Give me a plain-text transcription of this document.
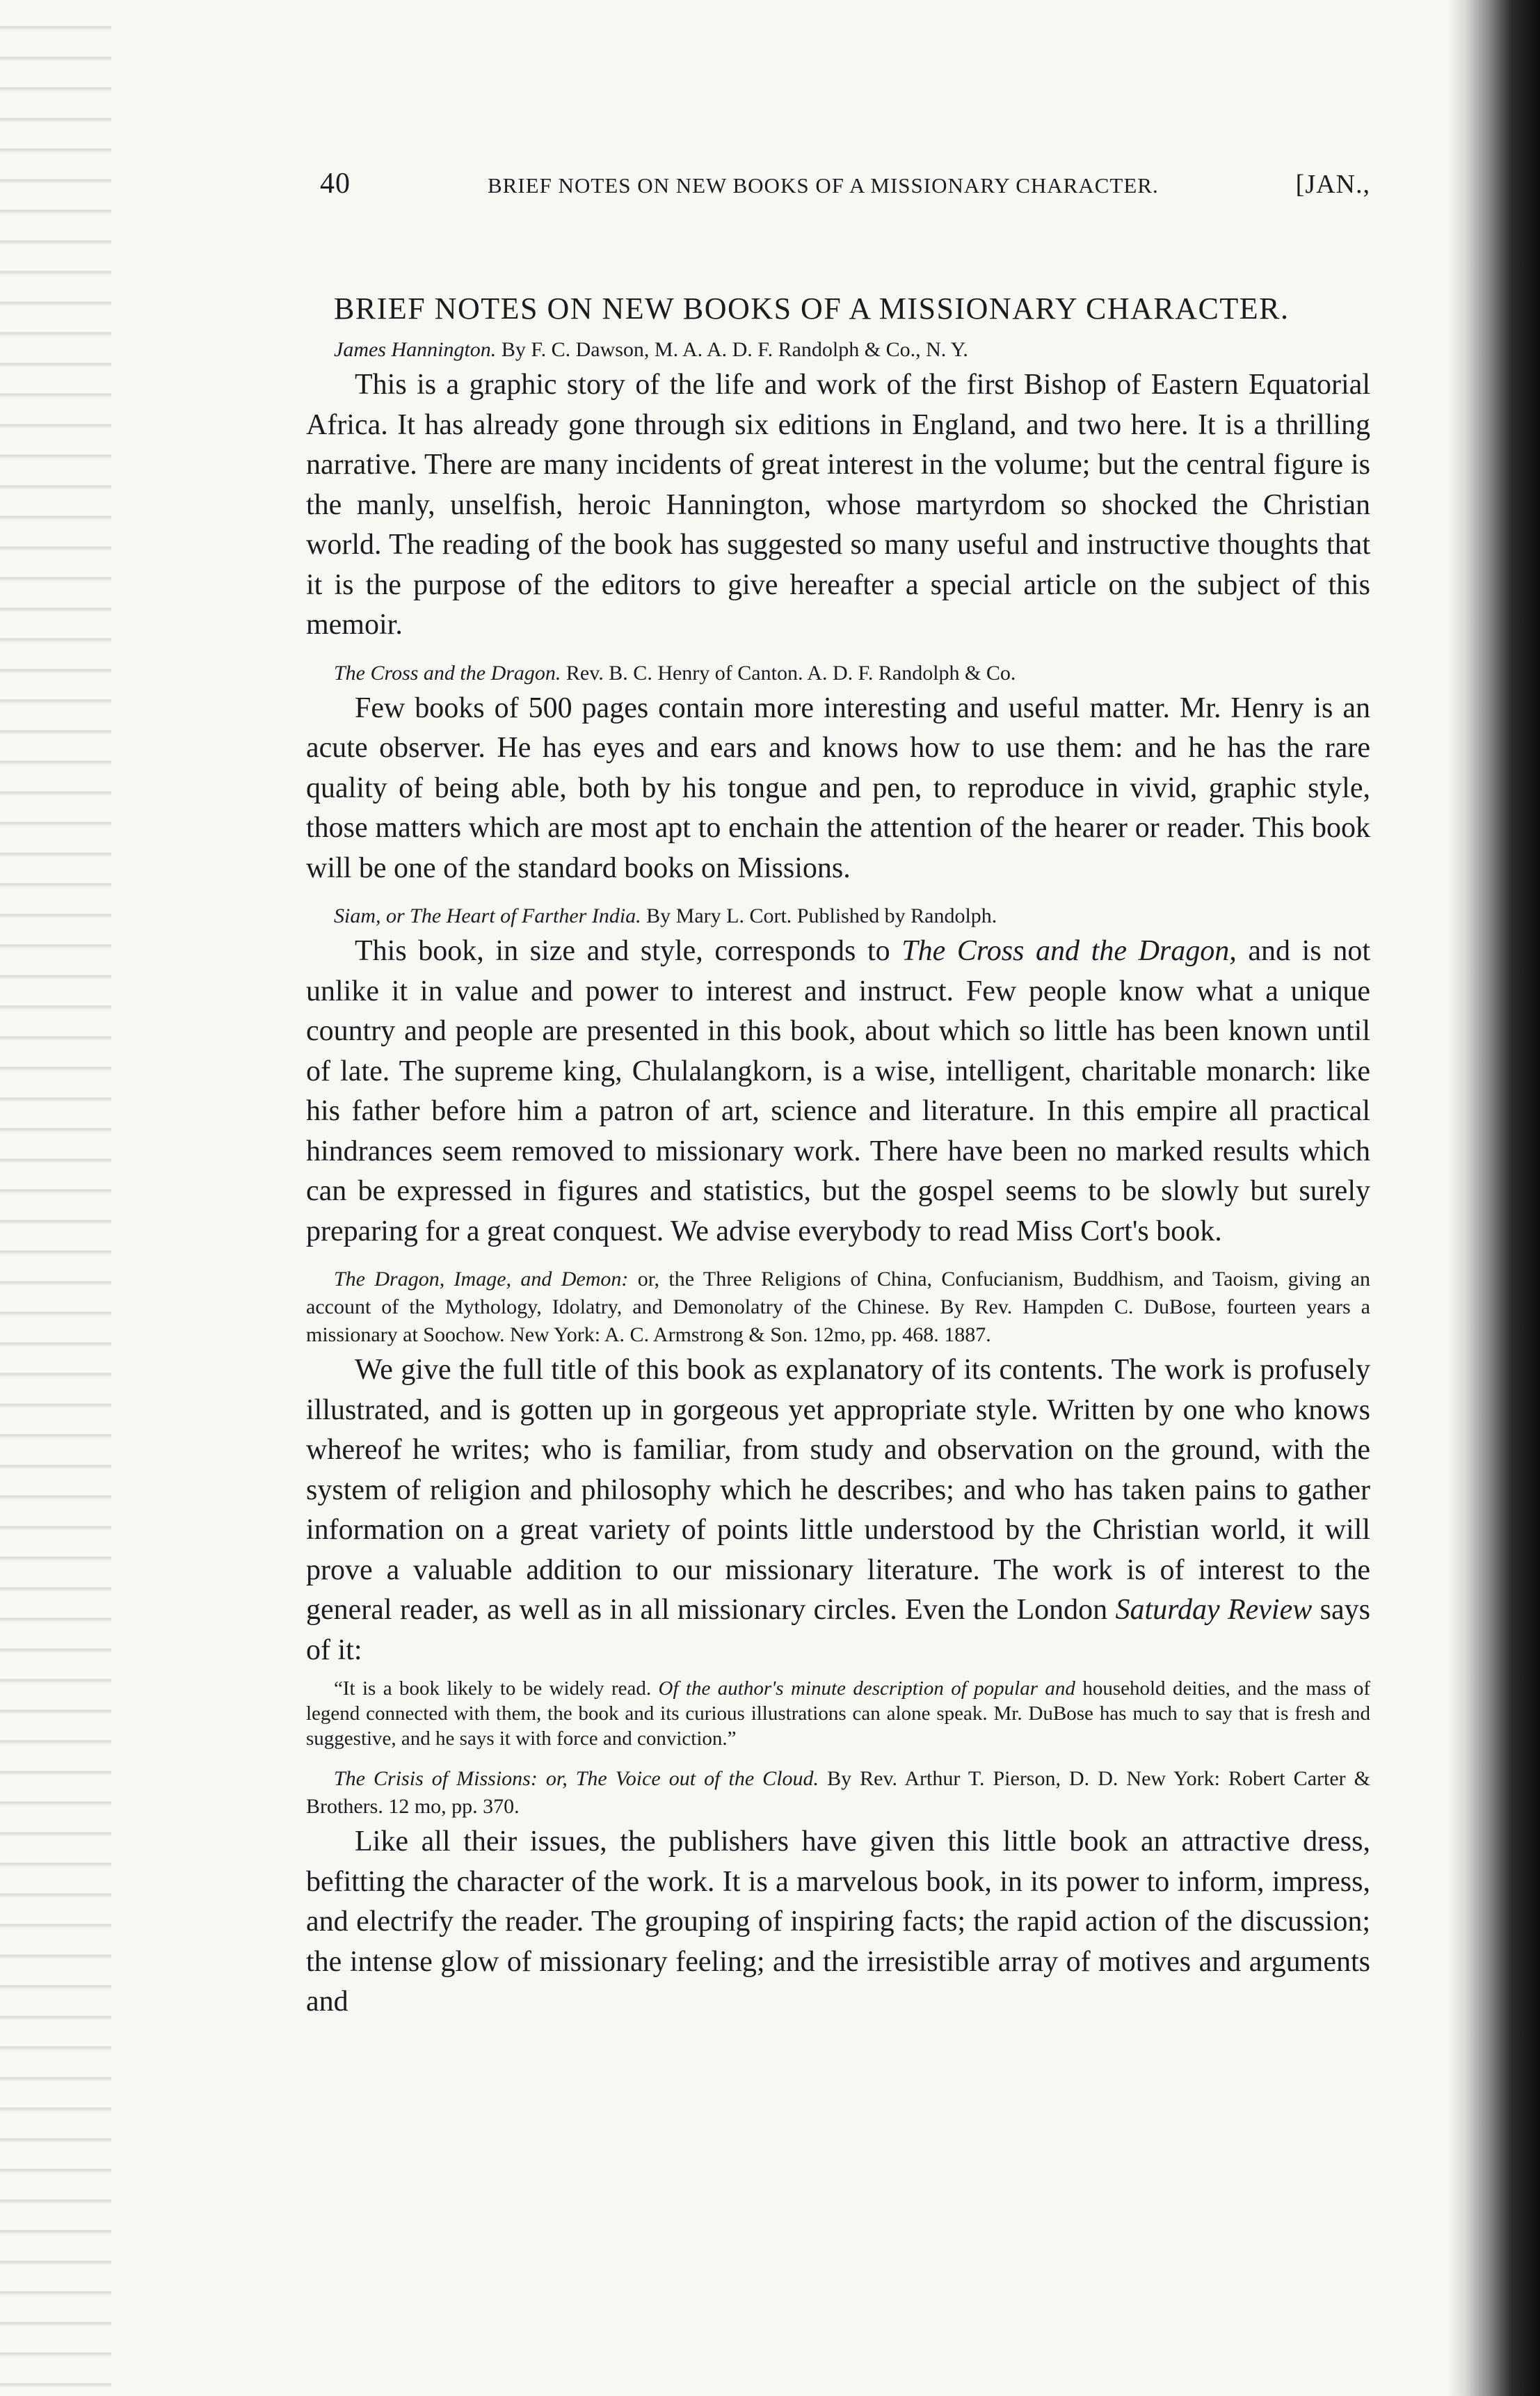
40	BRIEF NOTES ON NEW BOOKS OF A MISSIONARY CHARACTER.	[JAN.,
BRIEF NOTES ON NEW BOOKS OF A MISSIONARY CHARACTER.
James Hannington. By F. C. Dawson, M. A. A. D. F. Randolph & Co., N. Y.

This is a graphic story of the life and work of the first Bishop of Eastern Equatorial Africa. It has already gone through six editions in England, and two here. It is a thrilling narrative. There are many incidents of great interest in the volume; but the central figure is the manly, unselfish, heroic Hannington, whose martyrdom so shocked the Christian world. The reading of the book has suggested so many useful and instructive thoughts that it is the purpose of the editors to give hereafter a special article on the subject of this memoir.

The Cross and the Dragon. Rev. B. C. Henry of Canton. A. D. F. Randolph & Co.

Few books of 500 pages contain more interesting and useful matter. Mr. Henry is an acute observer. He has eyes and ears and knows how to use them: and he has the rare quality of being able, both by his tongue and pen, to reproduce in vivid, graphic style, those matters which are most apt to enchain the attention of the hearer or reader. This book will be one of the standard books on Missions.

Siam, or The Heart of Farther India. By Mary L. Cort. Published by Randolph.

This book, in size and style, corresponds to The Cross and the Dragon, and is not unlike it in value and power to interest and instruct. Few people know what a unique country and people are presented in this book, about which so little has been known until of late. The supreme king, Chulalangkorn, is a wise, intelligent, charitable monarch: like his father before him a patron of art, science and literature. In this empire all practical hindrances seem removed to missionary work. There have been no marked results which can be expressed in figures and statistics, but the gospel seems to be slowly but surely preparing for a great conquest. We advise everybody to read Miss Cort's book.

The Dragon, Image, and Demon: or, the Three Religions of China, Confucianism, Buddhism, and Taoism, giving an account of the Mythology, Idolatry, and Demonolatry of the Chinese. By Rev. Hampden C. DuBose, fourteen years a missionary at Soochow. New York: A. C. Armstrong & Son. 12mo, pp. 468. 1887.

We give the full title of this book as explanatory of its contents. The work is profusely illustrated, and is gotten up in gorgeous yet appropriate style. Written by one who knows whereof he writes; who is familiar, from study and observation on the ground, with the system of religion and philosophy which he describes; and who has taken pains to gather information on a great variety of points little understood by the Christian world, it will prove a valuable addition to our missionary literature. The work is of interest to the general reader, as well as in all missionary circles. Even the London Saturday Review says of it:

“It is a book likely to be widely read. Of the author's minute description of popular and household deities, and the mass of legend connected with them, the book and its curious illustrations can alone speak. Mr. DuBose has much to say that is fresh and suggestive, and he says it with force and conviction.”

The Crisis of Missions: or, The Voice out of the Cloud. By Rev. Arthur T. Pierson, D. D. New York: Robert Carter & Brothers. 12 mo, pp. 370.

Like all their issues, the publishers have given this little book an attractive dress, befitting the character of the work. It is a marvelous book, in its power to inform, impress, and electrify the reader. The grouping of inspiring facts; the rapid action of the discussion; the intense glow of missionary feeling; and the irresistible array of motives and arguments and
